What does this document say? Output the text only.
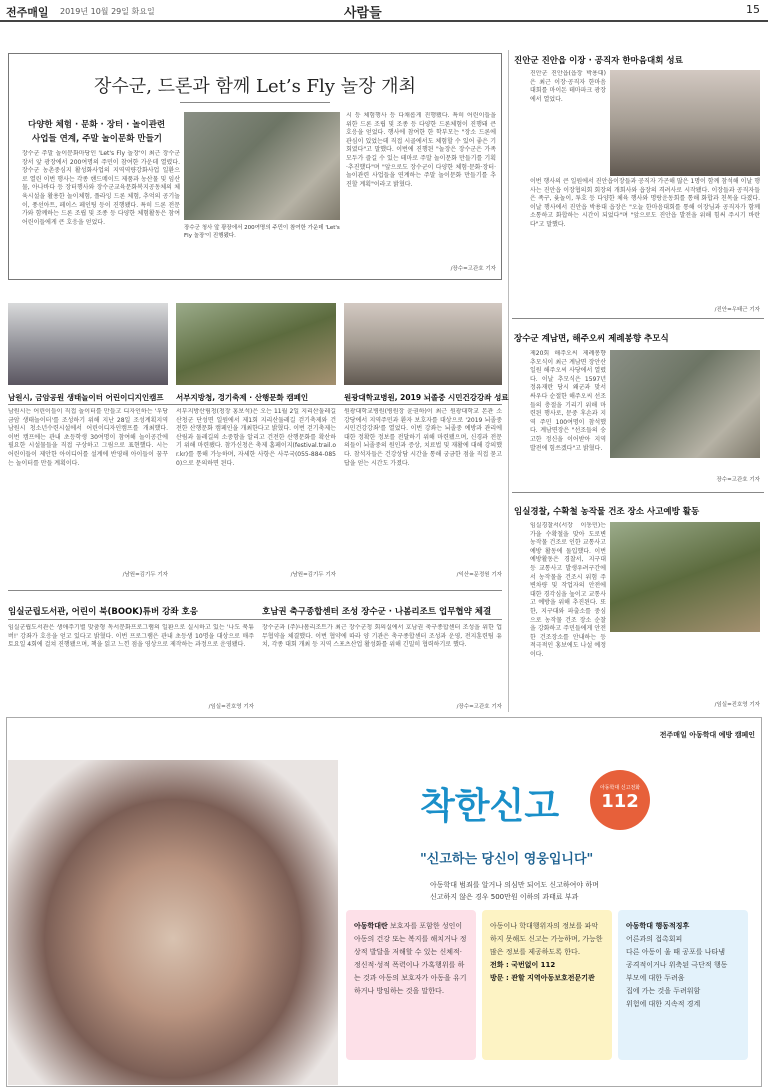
전주매일 2019년 10월 29일 화요일	사람들	15
장수군, 드론과 함께 Let’s Fly 놀장 개최
다양한 체험 · 문화 · 장터 · 놀이관련
사업들 연계, 주말 놀이문화 만들기
장수군 주말 놀이문화마당인 'Let's Fly 놀장'이 최근 장수군 장서 앞 광장에서 200여명의 주민이 참여한 가운데 열렸다. 장수군 농촌중심지 활성화사업의 지역역량강화사업 일환으로 열린 이번 행사는 각종 핸드메이드 제품과 농산물 및 임산물, 아나바다 등 장터행사와 장수군교육문화복지공동체의 체육시설을 활용한 놀이체험, 플라잉 드론 체험, 추억의 공기놀이, 풍선아트, 페이스 페인팅 등이 진행됐다. 특히 드론 전문가와 함께하는 드론 조립 및 조종 등 다양한 체험활동은 참여 어린이들에게 큰 호응을 얻었다.
장수군 청사 앞 광장에서 200여명의 주민이 참여한 가운데 'Let's Fly 놀장'이 진행됐다.
시 등 체험행사 등 다채롭게 진행됐다. 특히 어린이들을 위한 드론 조립 및 조종 등 다양한 드론체험이 진행돼 큰 호응을 얻었다. 행사에 참여한 한 학부모는 "장소 드론에 관심이 있었는데 직접 시골에서도 체험할 수 있어 좋은 기회였다"고 말했다. 이번에 진행된 "놀장은 장수군은 가족 모두가 즐길 수 있는 테마로 주말 놀이문화 만들기를 기획·추진했다"며 "앞으로도 장수군이 다양한 체험·문화·장터·놀이관련 사업들을 연계하는 주말 놀이문화 만들기를 추진할 계획"이라고 밝혔다.
/장수=고관호 기자
진안군 진안읍 이장 · 공직자 한마음대회 성료
진안군 진안읍(읍장 박용대)은 최근 이장·공직자 한마음대회를 마이돈 테마파크 광장에서 열었다.
이번 행사의 큰 일원에서 진안읍이장들과 공직자 가곤해 많은 1명이 함께 참석해 이날 행사는 진안읍 이장협의회 회장의 개회사와 읍장의 격려사로 시작됐다. 이장들과 공직자들은 족구, 윷놀이, 투호 등 다양한 체육 행사와 명랑운동회를 통해 화합과 친목을 다졌다. 이날 행사에서 진안읍 박용대 읍장은 "오늘 한마음대회를 통해 이장님과 공직자가 함께 소통하고 화합하는 시간이 되었다"며 "앞으로도 진안읍 발전을 위해 힘써 주시기 바란다"고 말했다.
/진안=우태근 기자
장수군 계남면, 해주오씨 제례봉향 추모식
제20회 해주오씨 제례봉향 추모식이 최근 계남면 장안산 일원 해주오씨 사당에서 열렸다. 이날 추모식은 1597년 정유재란 당시 왜군과 맞서 싸우다 순절한 해주오씨 선조들의 충절을 기리기 위해 마련된 행사로, 문중 후손과 지역 주민 100여명이 참석했다. 계남면장은 "선조들의 숭고한 정신을 이어받아 지역 발전에 힘쓰겠다"고 밝혔다.
장수=고관호 기자
임실경찰, 수확철 농작물 건조 장소 사고예방 활동
임실경찰서(서장 이동민)는 가을 수확철을 맞아 도로변 농작물 건조로 인한 교통사고 예방 활동에 돌입했다. 이번 예방활동은 경찰서, 지구대 등 교통사고 발생우려구간에서 농작물을 건조시 위험 주변차량 및 작업자의 안전에 대한 경각심을 높이고 교통사고 예방을 위해 추진된다. 또한, 지구대와 파출소를 중심으로 농작물 건조 장소 순찰을 강화하고 주민들에게 안전한 건조장소를 안내하는 등 적극적인 홍보에도 나설 예정이다.
/임실=진호영 기자
남원시, 금암공원 생태놀이터 어린이디지인캠프 서부지방청, 경기축제 · 산행문화 캠페인	원광대학교병원, 2019 뇌졸중 시민건강강좌 성료
남원시는 어린이들이 직접 놀이터를 만들고 디자인하는 '우당금암 생태놀이터'를 조성하기 위해 지난 28일 조성계획지역 남원시 청소년수련시설에서 어린이디자인캠프를 개최했다. 이번 캠프에는 관내 초등학생 30여명이 참여해 놀이공간에 필요한 시설물들을 직접 구상하고 그림으로 표현했다. 시는 어린이들이 제안한 아이디어를 설계에 반영해 아이들이 꿈꾸는 놀이터를 만들 계획이다.
서부지방산림청(청장 홍보석)은 오는 11월 2일 지리산둘레길 산청군 단성면 일원에서 제1회 지리산둘레길 걷기축제와 건전한 산행문화 캠페인을 개최한다고 밝혔다. 이번 걷기축제는 산림과 둘레길의 소중함을 알리고 건전한 산행문화를 확산하기 위해 마련됐다. 참가신청은 축제 홈페이지(festival.trail.or.kr)를 통해 가능하며, 자세한 사항은 사무국(055-884-0850)으로 문의하면 된다.
원광대학교병원(병원장 윤권하)이 최근 원광대학교 본관 소강당에서 지역주민과 환자 보호자를 대상으로 '2019 뇌졸중 시민건강강좌'를 열었다. 이번 강좌는 뇌졸중 예방과 관리에 대한 정확한 정보를 전달하기 위해 마련됐으며, 신경과 전문의들이 뇌졸중의 원인과 증상, 치료법 및 재활에 대해 강의했다. 참석자들은 건강상담 시간을 통해 궁금한 점을 직접 묻고 답을 얻는 시간도 가졌다.
/남원=김기두 기자	/남원=김기두 기자	/익산=문정원 기자
임실군립도서관, 어린이 북(BOOK)튜버 강좌 호응	호남권 축구종합센터 조성 장수군 · 나봄리조트 업무협약 체결
임실군립도서관은 생애주기별 맞춤형 독서문화프로그램의 일환으로 실시하고 있는 '나도 북튜버!' 강좌가 호응을 얻고 있다고 밝혔다. 이번 프로그램은 관내 초등생 10명을 대상으로 매주 토요일 4회에 걸쳐 진행됐으며, 책을 읽고 느낀 점을 영상으로 제작하는 과정으로 운영됐다.
장수군과 (주)나봄리조트가 최근 장수군청 회의실에서 호남권 축구종합센터 조성을 위한 업무협약을 체결했다. 이번 협약에 따라 양 기관은 축구종합센터 조성과 운영, 전지훈련팀 유치, 각종 대회 개최 등 지역 스포츠산업 활성화를 위해 긴밀히 협력하기로 했다.
/임실=진호영 기자	/장수=고관호 기자
전주매일 아동학대 예방 캠페인
착한신고	아동학대 신고전화
112
"신고하는 당신이 영웅입니다"
아동학대 범죄를 알거나 의심만 되어도 신고하여야 하며
신고하지 않은 경우 500만원 이하의 과태료 부과
아동학대란 보호자를 포함한 성인이 아동의 건강 또는 복지를 해치거나 정상적 발달을 저해할 수 있는 신체적·정신적·성적 폭력이나 가혹행위를 하는 것과 아동의 보호자가 아동을 유기하거나 방임하는 것을 말한다.
아동이나 학대행위자의 정보를 파악하지 못해도 신고는 가능하며, 가능한 많은 정보를 제공하도록 한다.
전화 : 국번없이 112
방문 : 관할 지역아동보호전문기관
아동학대 행동적징후
어른과의 접촉회피
다른 아동이 울 때 공포를 나타냄
공격적이거나 위축된 극단적 행동
부모에 대한 두려움
집에 가는 것을 두려워함
위험에 대한 지속적 경계
